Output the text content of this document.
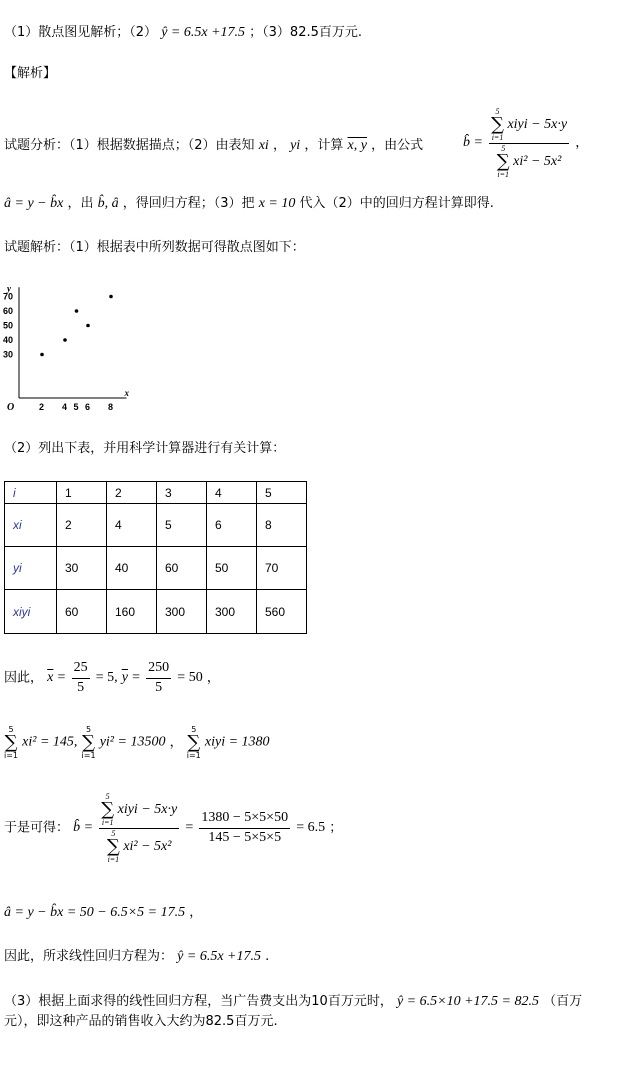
（1）散点图见解析；（2） ŷ = 6.5x +17.5 ；（3）82.5百万元.
【解析】
试题分析：（1）根据数据描点；（2）由表知 xi ， yi ，计算 x, y ，由公式	b̂ = 5
∑
i=1
xiyi − 5x·y
5
∑
i=1
xi² − 5x² ，
â = y − b̂x ，出 b̂, â ，得回归方程；（3）把 x = 10 代入（2）中的回归方程计算即得.
试题解析：（1）根据表中所列数据可得散点图如下：
y
x
O	2 4 5 6 8
30
40
50
60
70
（2）列出下表，并用科学计算器进行有关计算：
i	1	2	3	4	5
xi	2	4	5	6	8
yi	30	40	60	50	70
xiyi	60	160	300	300	560
因此， $\overline{x} = \frac{25}{5} = 5$, $\overline{y} = \frac{250}{5} = 50$ ，
5
∑
i=1
xi² = 145,
5
∑
i=1
yi² = 13500 ，
5
∑
i=1
xiyi = 1380
于是可得： b̂ = 5
∑
i=1
xiyi − 5x·y
5
∑
i=1
$xi^2 - 5x^2 = \frac{1380 - 5\times 5\times 50}{145 - 5\times 5\times 5} = 6.5$ ；
â = y − b̂x = 50 − 6.5×5 = 17.5 ，
因此，所求线性回归方程为： ŷ = 6.5x +17.5 .
（3）根据上面求得的线性回归方程，当广告费支出为10百万元时， ŷ = 6.5×10 +17.5 = 82.5 （百万
元），即这种产品的销售收入大约为82.5百万元.
